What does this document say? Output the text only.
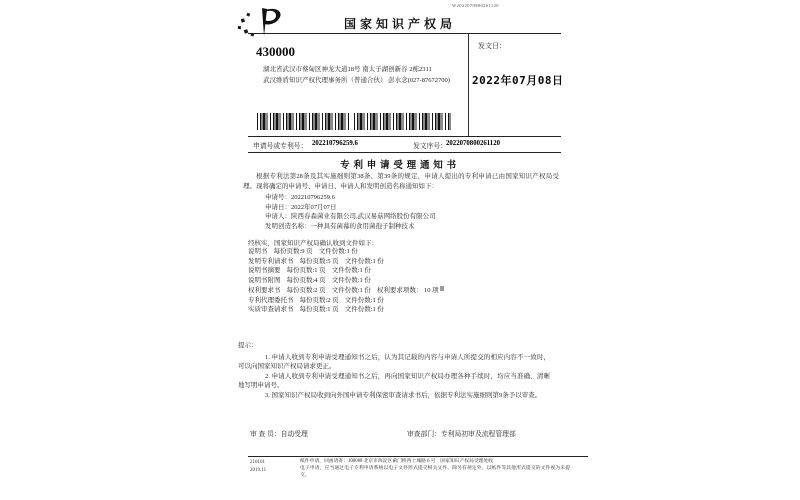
国家知识产权局
W2022070800261120
430000
湖北省武汉市蔡甸区神龙大道18号 南太子湖创新谷 2栋2311
武汉维盾知识产权代理事务所（普通合伙） 彭水念(027-87672700)
发文日：
2022年07月08日
申请号或专利号： 202210796259.6	发文序号： 2022070800261120
专利申请受理通知书
根据专利法第28条及其实施细则第38条、第39条的规定，申请人提出的专利申请已由国家知识产权局受理。现将确定的申请号、申请日、申请人和发明创造名称通知如下：
申请号：202210796259.6
申请日：2022年07月07日
申请人：陕西春森菌业有限公司,武汉易菇网络股份有限公司
发明创造名称：一种具有菌幕的食用菌孢子制种技术
经核实，国家知识产权局确认收到文件如下：
说明书 每份页数:9 页 文件份数:1 份
发明专利请求书 每份页数:5 页 文件份数:1 份
说明书摘要 每份页数:1 页 文件份数:1 份
说明书附图 每份页数:4 页 文件份数:1 份
权利要求书 每份页数:2 页 文件份数:1 份 权利要求项数： 10 项
专利代理委托书 每份页数:2 页 文件份数:1 份
实质审查请求书 每份页数:1 页 文件份数:1 份

提示：

1. 申请人收到专利申请受理通知书之后，认为其记载的内容与申请人所提交的相应内容不一致时，可以向国家知识产权局请求更正。

2. 申请人收到专利申请受理通知书之后，再向国家知识产权局办理各种手续时，均应当准确、清晰地写明申请号。

3. 国家知识产权局收到向外国申请专利保密审查请求书后，依据专利法实施细则第9条予以审查。

审 查 员：自动受理	审查部门：专利局初审及流程管理部
210101
2019.11
纸件申请，回函请寄：100088 北京市海淀区蓟门桥西土城路 6 号　国家知识产权局受理处收
电子申请，应当通过电子专利申请系统以电子文件形式提交相关文件。除另有规定外，以纸件等其他形式提交的文件视为未提交。
